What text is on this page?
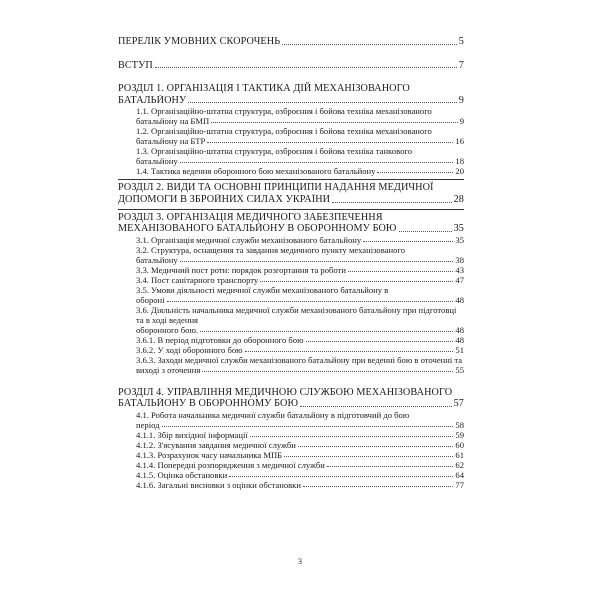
ПЕРЕЛІК УМОВНИХ СКОРОЧЕНЬ	5
ВСТУП	7
РОЗДІЛ 1. ОРГАНІЗАЦІЯ І ТАКТИКА ДІЙ МЕХАНІЗОВАНОГО
БАТАЛЬЙОНУ	9
1.1. Організаційно-штатна структура, озброєння і бойова техніка механізованого
батальйону на БМП	9
1.2. Організаційно-штатна структура, озброєння і бойова техніка механізованого
батальйону на БТР	16
1.3. Організаційно-штатна структура, озброєння і бойова техніка танкового
батальйону	18
1.4. Тактика ведення оборонного бою механізованого батальйону	20
РОЗДІЛ 2. ВИДИ ТА ОСНОВНІ ПРИНЦИПИ НАДАННЯ МЕДИЧНОЇ
ДОПОМОГИ В ЗБРОЙНИХ СИЛАХ УКРАЇНИ	28
РОЗДІЛ 3. ОРГАНІЗАЦІЯ МЕДИЧНОГО ЗАБЕЗПЕЧЕННЯ
МЕХАНІЗОВАНОГО БАТАЛЬЙОНУ В ОБОРОННОМУ БОЮ	35
3.1. Організація медичної служби механізованого батальйону	35
3.2. Структура, оснащення та завдання медичного пункту механізованого
батальйону	38
3.3. Медичний пост роти: порядок розгортання та роботи	43
3.4. Пост санітарного транспорту	47
3.5. Умови діяльності медичної служби механізованого батальйону в
обороні	48
3.6. Діяльність начальника медичної служби механізованого батальйону при підготовці та в ході ведення
оборонного бою.	48
3.6.1. В період підготовки до оборонного бою	48
3.6.2. У ході оборонного бою	51
3.6.3. Заходи медичної служби механізованого батальйону при веденні бою в оточенні та
виході з оточення	55
РОЗДІЛ 4. УПРАВЛІННЯ МЕДИЧНОЮ СЛУЖБОЮ МЕХАНІЗОВАНОГО
БАТАЛЬЙОНУ В ОБОРОННОМУ БОЮ	57
4.1. Робота начальника медичної служби батальйону в підготовчий до бою
період	58
4.1.1. Збір вихідної інформації	59
4.1.2. З'ясування завдання медичної служби	60
4.1.3. Розрахунок часу начальника МПБ	61
4.1.4. Попередні розпорядження з медичної служби	62
4.1.5. Оцінка обстановки	64
4.1.6. Загальні висновки з оцінки обстановки	77
3
